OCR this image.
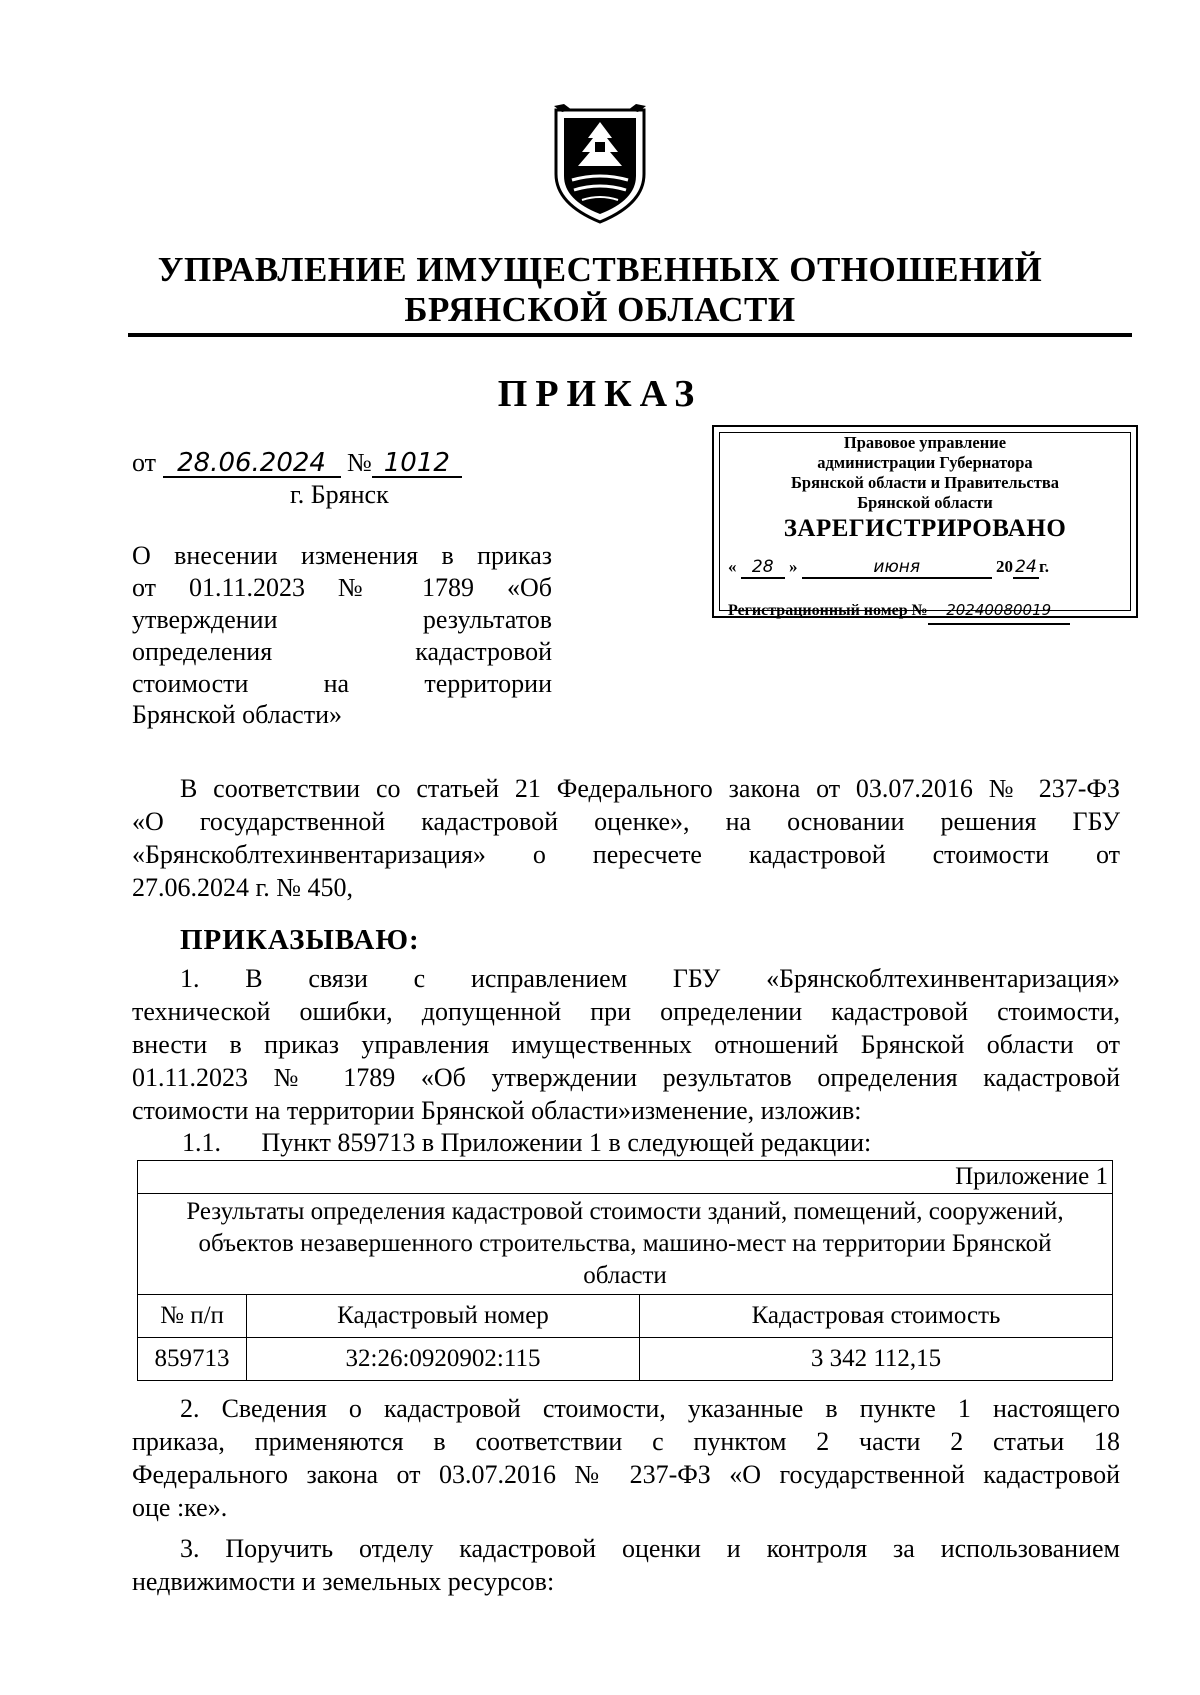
УПРАВЛЕНИЕ ИМУЩЕСТВЕННЫХ ОТНОШЕНИЙ
БРЯНСКОЙ ОБЛАСТИ
ПРИКАЗ
от 28.06.2024 № 1012
г. Брянск
Правовое управление
администрации Губернатора
Брянской области и Правительства
Брянской области
ЗАРЕГИСТРИРОВАНО
« 28 »	июня	20 24 г.
Регистрационный номер № 20240080019
О внесении изменения в приказ
от 01.11.2023 № 1789 «Об
утверждении результатов
определения кадастровой
стоимости на территории
Брянской области»
В соответствии со статьей 21 Федерального закона от 03.07.2016 № 237-ФЗ
«О государственной кадастровой оценке», на основании решения ГБУ
«Брянскоблтехинвентаризация» о пересчете кадастровой стоимости от
27.06.2024 г. № 450,
ПРИКАЗЫВАЮ:
1. В связи с исправлением ГБУ «Брянскоблтехинвентаризация»
технической ошибки, допущенной при определении кадастровой стоимости,
внести в приказ управления имущественных отношений Брянской области от
01.11.2023 № 1789 «Об утверждении результатов определения кадастровой
стоимости на территории Брянской области»изменение, изложив:
1.1. Пункт 859713 в Приложении 1 в следующей редакции:
Приложение 1		
Результаты определения кадастровой стоимости зданий, помещений, сооружений, объектов незавершенного строительства, машино-мест на территории Брянской области		
№ п/п	Кадастровый номер	Кадастровая стоимость
859713	32:26:0920902:115	3 342 112,15
2. Сведения о кадастровой стоимости, указанные в пункте 1 настоящего
приказа, применяются в соответствии с пунктом 2 части 2 статьи 18
Федерального закона от 03.07.2016 № 237-ФЗ «О государственной кадастровой
оце :ке».
3. Поручить отделу кадастровой оценки и контроля за использованием
недвижимости и земельных ресурсов:
